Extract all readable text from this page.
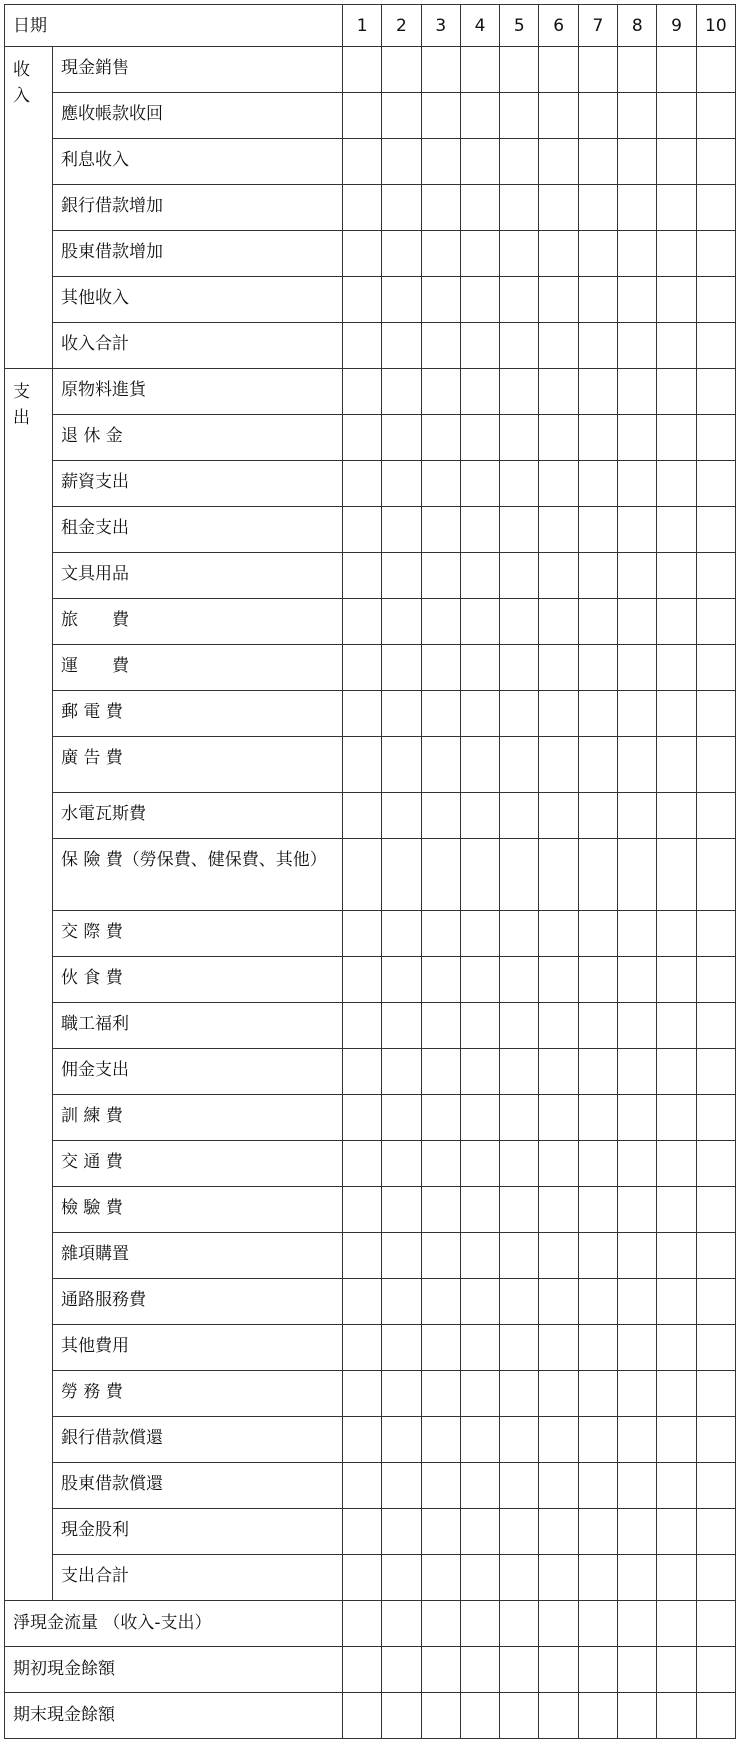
日期		1	2	3	4	5	6	7	8	9	10

收入	現金銷售										
	應收帳款收回										
	利息收入										
	銀行借款增加										
	股東借款增加										
	其他收入										
	收入合計										

支出	原物料進貨										
	退 休 金										
	薪資支出										
	租金支出										
	文具用品										
	旅　　費										
	運　　費										
	郵 電 費										
	廣 告 費										
	水電瓦斯費										
	保 險 費（勞保費、健保費、其他）										
	交 際 費										
	伙 食 費										
	職工福利										
	佣金支出										
	訓 練 費										
	交 通 費										
	檢 驗 費										
	雜項購置										
	通路服務費										
	其他費用										
	勞 務 費										
	銀行借款償還										
	股東借款償還										
	現金股利										
	支出合計										
淨現金流量 （收入-支出）											
期初現金餘額											
期末現金餘額											
